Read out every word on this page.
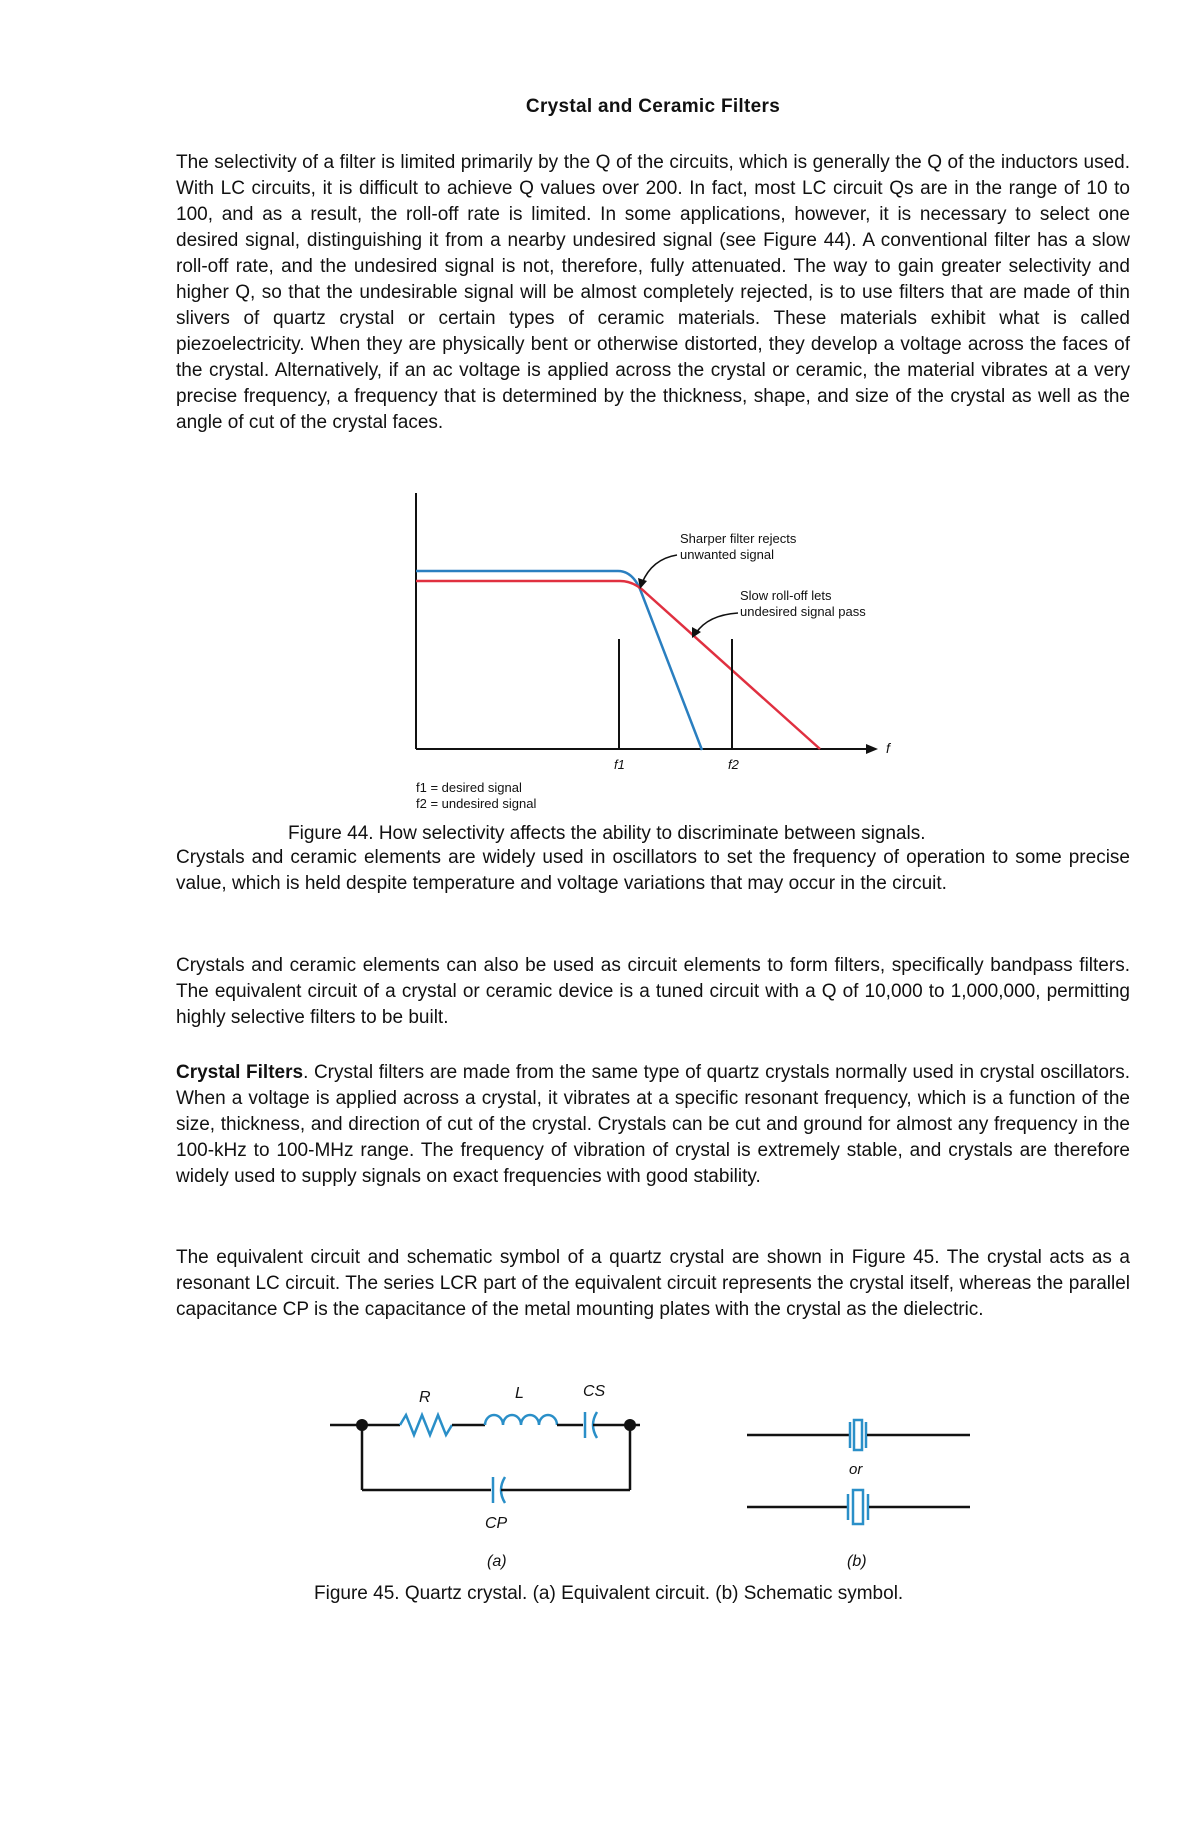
Crystal and Ceramic Filters

The selectivity of a filter is limited primarily by the Q of the circuits, which is generally the Q of the inductors used. With LC circuits, it is difficult to achieve Q values over 200. In fact, most LC circuit Qs are in the range of 10 to 100, and as a result, the roll-off rate is limited. In some applications, however, it is necessary to select one desired signal, distinguishing it from a nearby undesired signal (see Figure 44). A conventional filter has a slow roll-off rate, and the undesired signal is not, therefore, fully attenuated. The way to gain greater selectivity and higher Q, so that the undesirable signal will be almost completely rejected, is to use filters that are made of thin slivers of quartz crystal or certain types of ceramic materials. These materials exhibit what is called piezoelectricity. When they are physically bent or otherwise distorted, they develop a voltage across the faces of the crystal. Alternatively, if an ac voltage is applied across the crystal or ceramic, the material vibrates at a very precise frequency, a frequency that is determined by the thickness, shape, and size of the crystal as well as the angle of cut of the crystal faces.

Figure 44. How selectivity affects the ability to discriminate between signals.

Crystals and ceramic elements are widely used in oscillators to set the frequency of operation to some precise value, which is held despite temperature and voltage variations that may occur in the circuit.

Crystals and ceramic elements can also be used as circuit elements to form filters, specifically bandpass filters. The equivalent circuit of a crystal or ceramic device is a tuned circuit with a Q of 10,000 to 1,000,000, permitting highly selective filters to be built.

Crystal Filters. Crystal filters are made from the same type of quartz crystals normally used in crystal oscillators. When a voltage is applied across a crystal, it vibrates at a specific resonant frequency, which is a function of the size, thickness, and direction of cut of the crystal. Crystals can be cut and ground for almost any frequency in the 100-kHz to 100-MHz range. The frequency of vibration of crystal is extremely stable, and crystals are therefore widely used to supply signals on exact frequencies with good stability.

The equivalent circuit and schematic symbol of a quartz crystal are shown in Figure 45. The crystal acts as a resonant LC circuit. The series LCR part of the equivalent circuit represents the crystal itself, whereas the parallel capacitance CP is the capacitance of the metal mounting plates with the crystal as the dielectric.

Figure 45. Quartz crystal. (a) Equivalent circuit. (b) Schematic symbol.
f
f1	f2
Sharper filter rejects
unwanted signal
Slow roll-off lets
undesired signal pass
f1 = desired signal
f2 = undesired signal
R	L	CS
CP
(a)
or
(b)
